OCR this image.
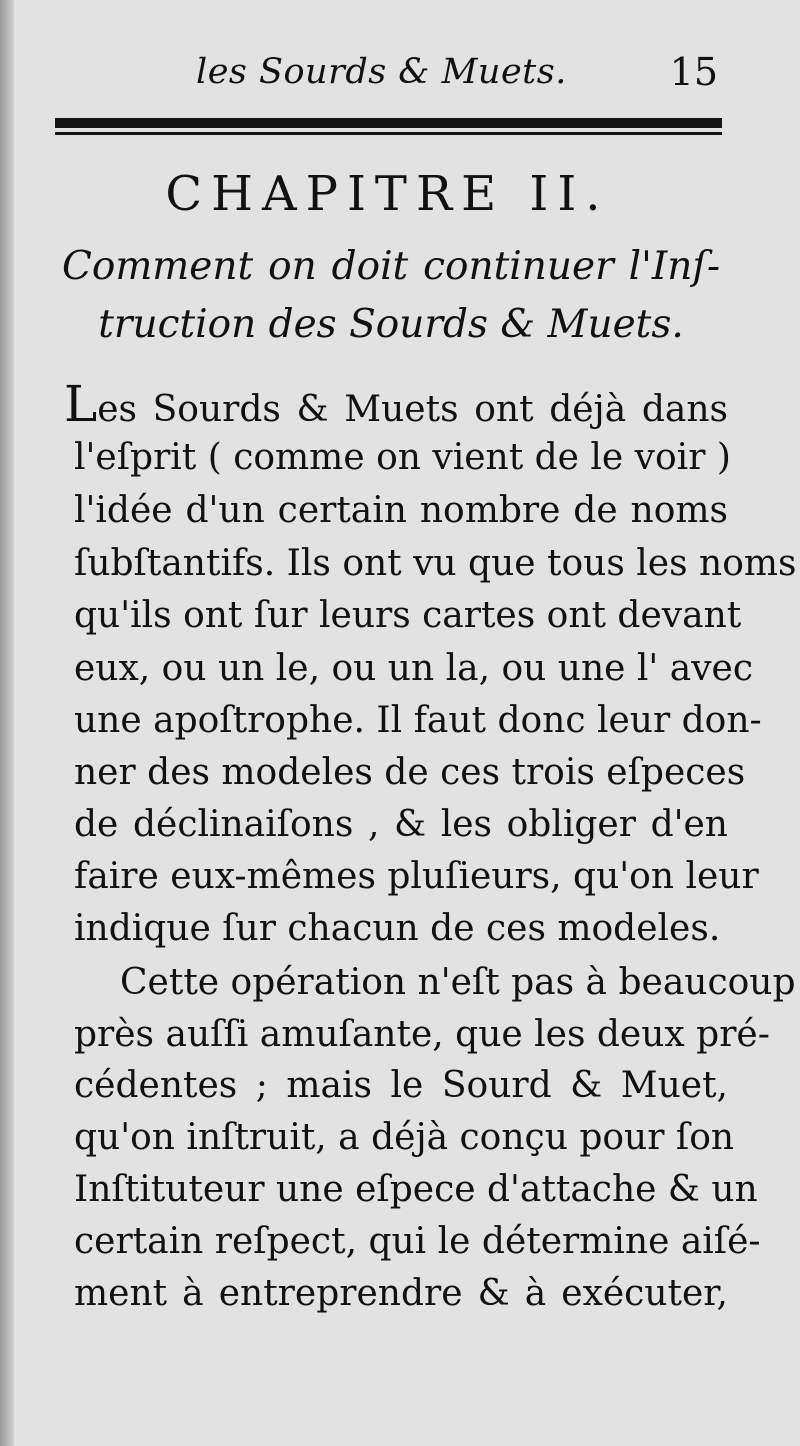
les Sourds & Muets.	15
CHAPITRE II.
Comment on doit continuer l'Inſ-
truction des Sourds & Muets.
Les Sourds & Muets ont déjà dans
l'eſprit ( comme on vient de le voir )
l'idée d'un certain nombre de noms
ſubſtantifs. Ils ont vu que tous les noms
qu'ils ont ſur leurs cartes ont devant
eux, ou un le, ou un la, ou une l' avec
une apoſtrophe. Il faut donc leur don-
ner des modeles de ces trois eſpeces
de déclinaiſons , & les obliger d'en
faire eux-mêmes pluſieurs, qu'on leur
indique ſur chacun de ces modeles.
Cette opération n'eſt pas à beaucoup
près auſſi amuſante, que les deux pré-
cédentes ; mais le Sourd & Muet,
qu'on inſtruit, a déjà conçu pour ſon
Inſtituteur une eſpece d'attache & un
certain reſpect, qui le détermine aiſé-
ment à entreprendre & à exécuter,
